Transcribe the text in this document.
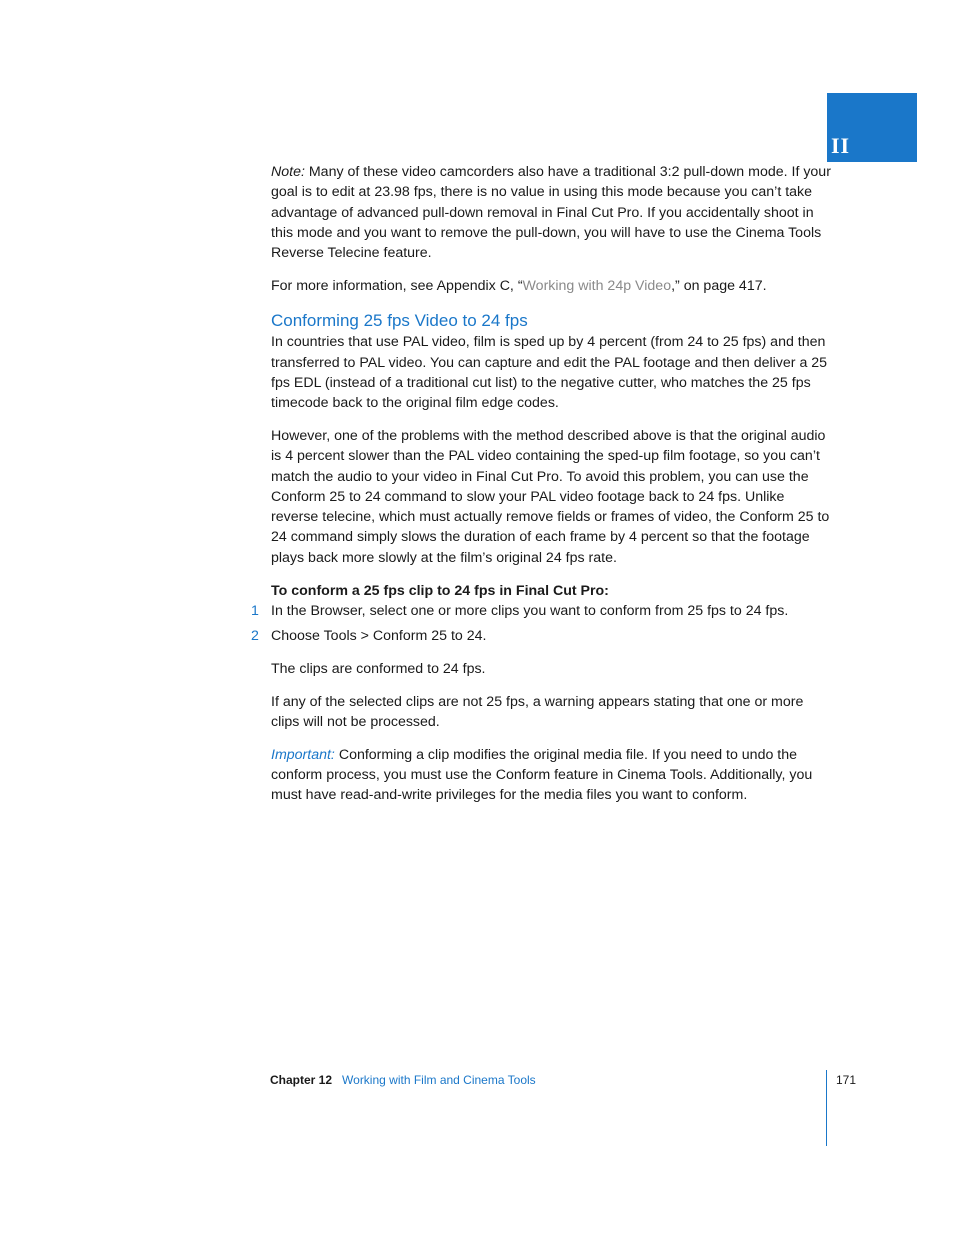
II

Note: Many of these video camcorders also have a traditional 3:2 pull-down mode. If your goal is to edit at 23.98 fps, there is no value in using this mode because you can’t take advantage of advanced pull-down removal in Final Cut Pro. If you accidentally shoot in this mode and you want to remove the pull-down, you will have to use the Cinema Tools Reverse Telecine feature.

For more information, see Appendix C, “Working with 24p Video,” on page 417.

Conforming 25 fps Video to 24 fps

In countries that use PAL video, film is sped up by 4 percent (from 24 to 25 fps) and then transferred to PAL video. You can capture and edit the PAL footage and then deliver a 25 fps EDL (instead of a traditional cut list) to the negative cutter, who matches the 25 fps timecode back to the original film edge codes.

However, one of the problems with the method described above is that the original audio is 4 percent slower than the PAL video containing the sped-up film footage, so you can’t match the audio to your video in Final Cut Pro. To avoid this problem, you can use the Conform 25 to 24 command to slow your PAL video footage back to 24 fps. Unlike reverse telecine, which must actually remove fields or frames of video, the Conform 25 to 24 command simply slows the duration of each frame by 4 percent so that the footage plays back more slowly at the film’s original 24 fps rate.

To conform a 25 fps clip to 24 fps in Final Cut Pro:

1 In the Browser, select one or more clips you want to conform from 25 fps to 24 fps.

2 Choose Tools > Conform 25 to 24.

The clips are conformed to 24 fps.

If any of the selected clips are not 25 fps, a warning appears stating that one or more clips will not be processed.

Important: Conforming a clip modifies the original media file. If you need to undo the conform process, you must use the Conform feature in Cinema Tools. Additionally, you must have read-and-write privileges for the media files you want to conform.

Chapter 12 Working with Film and Cinema Tools	171
